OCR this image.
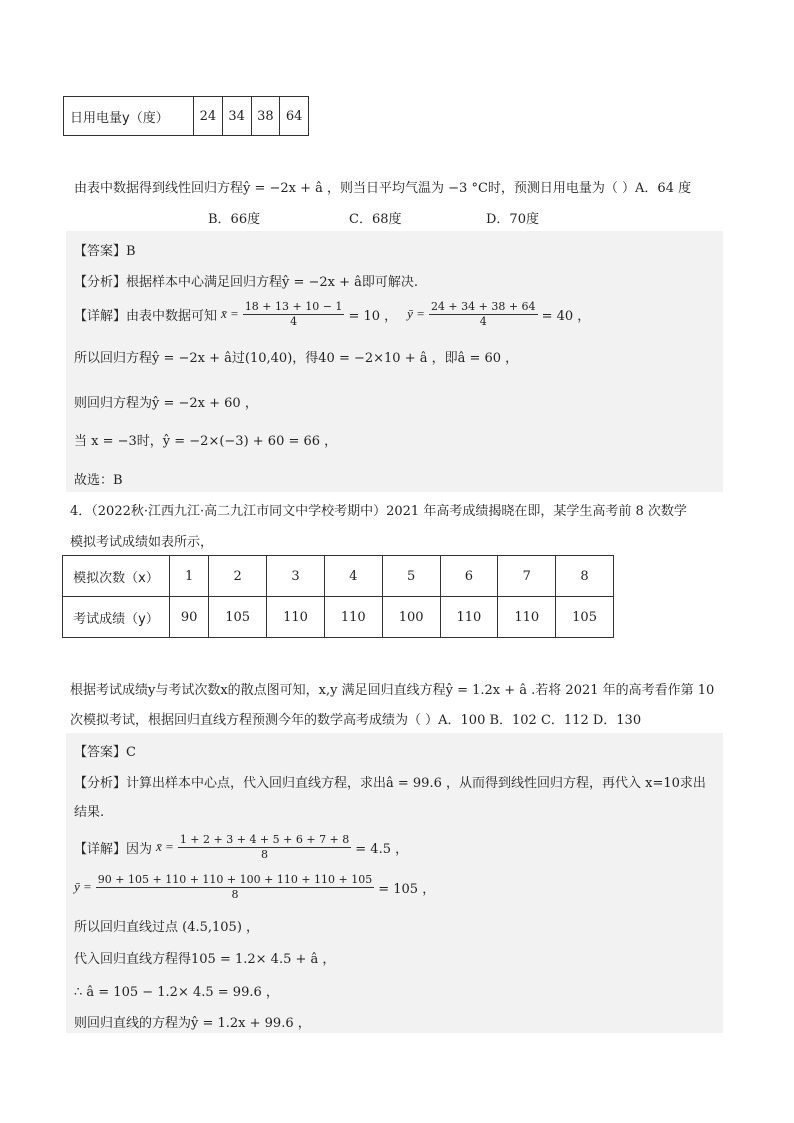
日用电量y（度）	24	34	38	64
由表中数据得到线性回归方程ŷ = −2x + â ，则当日平均气温为 −3 °C时，预测日用电量为（ ）A．64 度
B．66度	C．68度	D．70度
【答案】B
【分析】根据样本中心满足回归方程ŷ = −2x + â即可解决.
【详解】由表中数据可知 x̄ = $\frac{18 + 13 + 10 - 1}{4} = 10$ ， ȳ = $\frac{24 + 34 + 38 + 64}{4} = 40$ ，
所以回归方程ŷ = −2x + â过(10,40)，得40 = −2×10 + â ，即â = 60 ，
则回归方程为ŷ = −2x + 60 ，
当 x = −3时，ŷ = −2×(−3) + 60 = 66 ，
故选：B
4．（2022秋·江西九江·高二九江市同文中学校考期中）2021 年高考成绩揭晓在即，某学生高考前 8 次数学
模拟考试成绩如表所示，
模拟次数（x）	1	2	3	4	5	6	7	8
考试成绩（y）	90	105	110	110	100	110	110	105
根据考试成绩y与考试次数x的散点图可知，x,y 满足回归直线方程ŷ = 1.2x + â .若将 2021 年的高考看作第 10
次模拟考试，根据回归直线方程预测今年的数学高考成绩为（ ）A．100 B．102 C．112 D．130
【答案】C
【分析】计算出样本中心点，代入回归直线方程，求出â = 99.6 ，从而得到线性回归方程，再代入 x=10求出
结果.
【详解】因为 x̄ = $\frac{1 + 2 + 3 + 4 + 5 + 6 + 7 + 8}{8} = 4.5$ ，
ȳ = $\frac{90 + 105 + 110 + 110 + 100 + 110 + 110 + 105}{8} = 105$ ，
所以回归直线过点 (4.5,105) ，
代入回归直线方程得105 = 1.2× 4.5 + â ，
∴ â = 105 − 1.2× 4.5 = 99.6 ，
则回归直线的方程为ŷ = 1.2x + 99.6 ，
